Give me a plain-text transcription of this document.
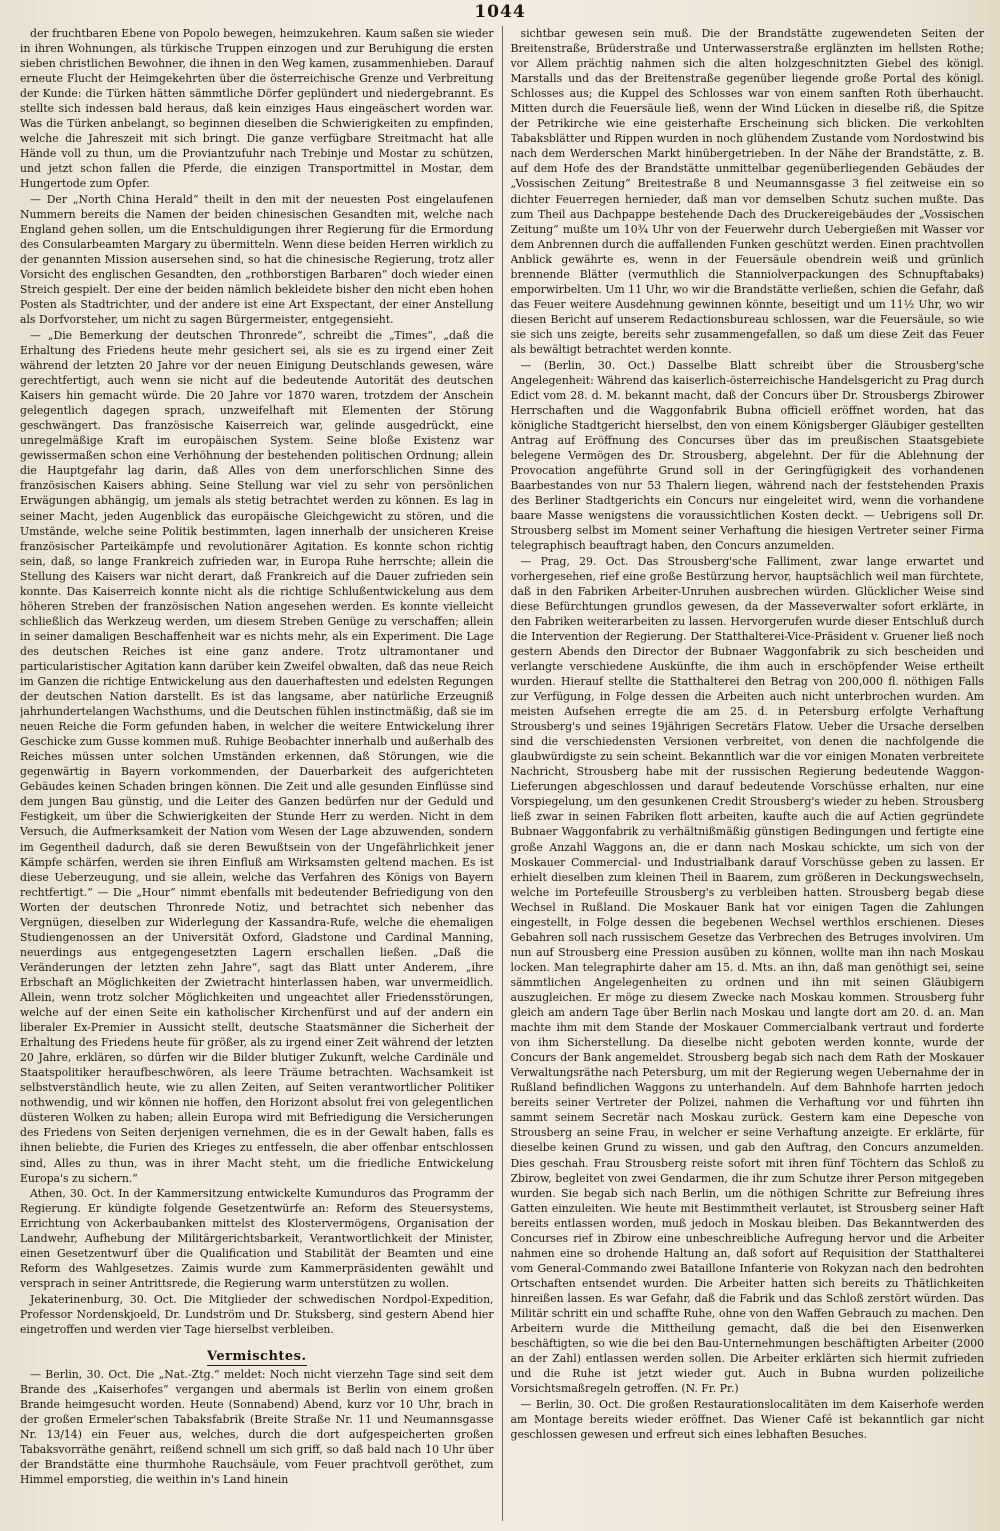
1044

der fruchtbaren Ebene von Popolo bewegen, heimzukehren. Kaum saßen sie wieder in ihren Wohnungen, als türkische Truppen einzogen und zur Beruhigung die ersten sieben christlichen Bewohner, die ihnen in den Weg kamen, zusammenhieben. Darauf erneute Flucht der Heimgekehrten über die österreichische Grenze und Verbreitung der Kunde: die Türken hätten sämmtliche Dörfer geplündert und niedergebrannt. Es stellte sich indessen bald heraus, daß kein einziges Haus eingeäschert worden war. Was die Türken anbelangt, so beginnen dieselben die Schwierigkeiten zu empfinden, welche die Jahreszeit mit sich bringt. Die ganze verfügbare Streitmacht hat alle Hände voll zu thun, um die Proviantzufuhr nach Trebinje und Mostar zu schützen, und jetzt schon fallen die Pferde, die einzigen Transportmittel in Mostar, dem Hungertode zum Opfer.

— Der „North China Herald“ theilt in den mit der neuesten Post eingelaufenen Nummern bereits die Namen der beiden chinesischen Gesandten mit, welche nach England gehen sollen, um die Entschuldigungen ihrer Regierung für die Ermordung des Consularbeamten Margary zu übermitteln. Wenn diese beiden Herren wirklich zu der genannten Mission ausersehen sind, so hat die chinesische Regierung, trotz aller Vorsicht des englischen Gesandten, den „rothborstigen Barbaren“ doch wieder einen Streich gespielt. Der eine der beiden nämlich bekleidete bisher den nicht eben hohen Posten als Stadtrichter, und der andere ist eine Art Exspectant, der einer Anstellung als Dorfvorsteher, um nicht zu sagen Bürgermeister, entgegensieht.

— „Die Bemerkung der deutschen Thronrede“, schreibt die „Times“, „daß die Erhaltung des Friedens heute mehr gesichert sei, als sie es zu irgend einer Zeit während der letzten 20 Jahre vor der neuen Einigung Deutschlands gewesen, wäre gerechtfertigt, auch wenn sie nicht auf die bedeutende Autorität des deutschen Kaisers hin gemacht würde. Die 20 Jahre vor 1870 waren, trotzdem der Anschein gelegentlich dagegen sprach, unzweifelhaft mit Elementen der Störung geschwängert. Das französische Kaiserreich war, gelinde ausgedrückt, eine unregelmäßige Kraft im europäischen System. Seine bloße Existenz war gewissermaßen schon eine Verhöhnung der bestehenden politischen Ordnung; allein die Hauptgefahr lag darin, daß Alles von dem unerforschlichen Sinne des französischen Kaisers abhing. Seine Stellung war viel zu sehr von persönlichen Erwägungen abhängig, um jemals als stetig betrachtet werden zu können. Es lag in seiner Macht, jeden Augenblick das europäische Gleichgewicht zu stören, und die Umstände, welche seine Politik bestimmten, lagen innerhalb der unsicheren Kreise französischer Parteikämpfe und revolutionärer Agitation. Es konnte schon richtig sein, daß, so lange Frankreich zufrieden war, in Europa Ruhe herrschte; allein die Stellung des Kaisers war nicht derart, daß Frankreich auf die Dauer zufrieden sein konnte. Das Kaiserreich konnte nicht als die richtige Schlußentwickelung aus dem höheren Streben der französischen Nation angesehen werden. Es konnte vielleicht schließlich das Werkzeug werden, um diesem Streben Genüge zu verschaffen; allein in seiner damaligen Beschaffenheit war es nichts mehr, als ein Experiment. Die Lage des deutschen Reiches ist eine ganz andere. Trotz ultramontaner und particularistischer Agitation kann darüber kein Zweifel obwalten, daß das neue Reich im Ganzen die richtige Entwickelung aus den dauerhaftesten und edelsten Regungen der deutschen Nation darstellt. Es ist das langsame, aber natürliche Erzeugniß jahrhundertelangen Wachsthums, und die Deutschen fühlen instinctmäßig, daß sie im neuen Reiche die Form gefunden haben, in welcher die weitere Entwickelung ihrer Geschicke zum Gusse kommen muß. Ruhige Beobachter innerhalb und außerhalb des Reiches müssen unter solchen Umständen erkennen, daß Störungen, wie die gegenwärtig in Bayern vorkommenden, der Dauerbarkeit des aufgerichteten Gebäudes keinen Schaden bringen können. Die Zeit und alle gesunden Einflüsse sind dem jungen Bau günstig, und die Leiter des Ganzen bedürfen nur der Geduld und Festigkeit, um über die Schwierigkeiten der Stunde Herr zu werden. Nicht in dem Versuch, die Aufmerksamkeit der Nation vom Wesen der Lage abzuwenden, sondern im Gegentheil dadurch, daß sie deren Bewußtsein von der Ungefährlichkeit jener Kämpfe schärfen, werden sie ihren Einfluß am Wirksamsten geltend machen. Es ist diese Ueberzeugung, und sie allein, welche das Verfahren des Königs von Bayern rechtfertigt.“ — Die „Hour“ nimmt ebenfalls mit bedeutender Befriedigung von den Worten der deutschen Thronrede Notiz, und betrachtet sich nebenher das Vergnügen, dieselben zur Widerlegung der Kassandra-Rufe, welche die ehemaligen Studiengenossen an der Universität Oxford, Gladstone und Cardinal Manning, neuerdings aus entgegengesetzten Lagern erschallen ließen. „Daß die Veränderungen der letzten zehn Jahre“, sagt das Blatt unter Anderem, „ihre Erbschaft an Möglichkeiten der Zwietracht hinterlassen haben, war unvermeidlich. Allein, wenn trotz solcher Möglichkeiten und ungeachtet aller Friedensstörungen, welche auf der einen Seite ein katholischer Kirchenfürst und auf der andern ein liberaler Ex-Premier in Aussicht stellt, deutsche Staatsmänner die Sicherheit der Erhaltung des Friedens heute für größer, als zu irgend einer Zeit während der letzten 20 Jahre, erklären, so dürfen wir die Bilder blutiger Zukunft, welche Cardinäle und Staatspolitiker heraufbeschwören, als leere Träume betrachten. Wachsamkeit ist selbstverständlich heute, wie zu allen Zeiten, auf Seiten verantwortlicher Politiker nothwendig, und wir können nie hoffen, den Horizont absolut frei von gelegentlichen düsteren Wolken zu haben; allein Europa wird mit Befriedigung die Versicherungen des Friedens von Seiten derjenigen vernehmen, die es in der Gewalt haben, falls es ihnen beliebte, die Furien des Krieges zu entfesseln, die aber offenbar entschlossen sind, Alles zu thun, was in ihrer Macht steht, um die friedliche Entwickelung Europa's zu sichern.“

Athen, 30. Oct. In der Kammersitzung entwickelte Kumunduros das Programm der Regierung. Er kündigte folgende Gesetzentwürfe an: Reform des Steuersystems, Errichtung von Ackerbaubanken mittelst des Klostervermögens, Organisation der Landwehr, Aufhebung der Militärgerichtsbarkeit, Verantwortlichkeit der Minister, einen Gesetzentwurf über die Qualification und Stabilität der Beamten und eine Reform des Wahlgesetzes. Zaimis wurde zum Kammerpräsidenten gewählt und versprach in seiner Antrittsrede, die Regierung warm unterstützen zu wollen.

Jekaterinenburg, 30. Oct. Die Mitglieder der schwedischen Nordpol-Expedition, Professor Nordenskjoeld, Dr. Lundström und Dr. Stuksberg, sind gestern Abend hier eingetroffen und werden vier Tage hierselbst verbleiben.

Vermischtes.

— Berlin, 30. Oct. Die „Nat.-Ztg.“ meldet: Noch nicht vierzehn Tage sind seit dem Brande des „Kaiserhofes“ vergangen und abermals ist Berlin von einem großen Brande heimgesucht worden. Heute (Sonnabend) Abend, kurz vor 10 Uhr, brach in der großen Ermeler'schen Tabaksfabrik (Breite Straße Nr. 11 und Neumannsgasse Nr. 13/14) ein Feuer aus, welches, durch die dort aufgespeicherten großen Tabaksvorräthe genährt, reißend schnell um sich griff, so daß bald nach 10 Uhr über der Brandstätte eine thurmhohe Rauchsäule, vom Feuer prachtvoll geröthet, zum Himmel emporstieg, die weithin in's Land hinein

sichtbar gewesen sein muß. Die der Brandstätte zugewendeten Seiten der Breitenstraße, Brüderstraße und Unterwasserstraße erglänzten im hellsten Rothe; vor Allem prächtig nahmen sich die alten holzgeschnitzten Giebel des königl. Marstalls und das der Breitenstraße gegenüber liegende große Portal des königl. Schlosses aus; die Kuppel des Schlosses war von einem sanften Roth überhaucht. Mitten durch die Feuersäule ließ, wenn der Wind Lücken in dieselbe riß, die Spitze der Petrikirche wie eine geisterhafte Erscheinung sich blicken. Die verkohlten Tabaksblätter und Rippen wurden in noch glühendem Zustande vom Nordostwind bis nach dem Werderschen Markt hinübergetrieben. In der Nähe der Brandstätte, z. B. auf dem Hofe des der Brandstätte unmittelbar gegenüberliegenden Gebäudes der „Vossischen Zeitung“ Breitestraße 8 und Neumannsgasse 3 fiel zeitweise ein so dichter Feuerregen hernieder, daß man vor demselben Schutz suchen mußte. Das zum Theil aus Dachpappe bestehende Dach des Druckereigebäudes der „Vossischen Zeitung“ mußte um 10¾ Uhr von der Feuerwehr durch Uebergießen mit Wasser vor dem Anbrennen durch die auffallenden Funken geschützt werden. Einen prachtvollen Anblick gewährte es, wenn in der Feuersäule obendrein weiß und grünlich brennende Blätter (vermuthlich die Stanniolverpackungen des Schnupftabaks) emporwirbelten. Um 11 Uhr, wo wir die Brandstätte verließen, schien die Gefahr, daß das Feuer weitere Ausdehnung gewinnen könnte, beseitigt und um 11½ Uhr, wo wir diesen Bericht auf unserem Redactionsbureau schlossen, war die Feuersäule, so wie sie sich uns zeigte, bereits sehr zusammengefallen, so daß um diese Zeit das Feuer als bewältigt betrachtet werden konnte.

— (Berlin, 30. Oct.) Dasselbe Blatt schreibt über die Strousberg'sche Angelegenheit: Während das kaiserlich-österreichische Handelsgericht zu Prag durch Edict vom 28. d. M. bekannt macht, daß der Concurs über Dr. Strousbergs Zbirower Herrschaften und die Waggonfabrik Bubna officiell eröffnet worden, hat das königliche Stadtgericht hierselbst, den von einem Königsberger Gläubiger gestellten Antrag auf Eröffnung des Concurses über das im preußischen Staatsgebiete belegene Vermögen des Dr. Strousberg, abgelehnt. Der für die Ablehnung der Provocation angeführte Grund soll in der Geringfügigkeit des vorhandenen Baarbestandes von nur 53 Thalern liegen, während nach der feststehenden Praxis des Berliner Stadtgerichts ein Concurs nur eingeleitet wird, wenn die vorhandene baare Masse wenigstens die voraussichtlichen Kosten deckt. — Uebrigens soll Dr. Strousberg selbst im Moment seiner Verhaftung die hiesigen Vertreter seiner Firma telegraphisch beauftragt haben, den Concurs anzumelden.

— Prag, 29. Oct. Das Strousberg'sche Falliment, zwar lange erwartet und vorhergesehen, rief eine große Bestürzung hervor, hauptsächlich weil man fürchtete, daß in den Fabriken Arbeiter-Unruhen ausbrechen würden. Glücklicher Weise sind diese Befürchtungen grundlos gewesen, da der Masseverwalter sofort erklärte, in den Fabriken weiterarbeiten zu lassen. Hervorgerufen wurde dieser Entschluß durch die Intervention der Regierung. Der Statthalterei-Vice-Präsident v. Gruener ließ noch gestern Abends den Director der Bubnaer Waggonfabrik zu sich bescheiden und verlangte verschiedene Auskünfte, die ihm auch in erschöpfender Weise ertheilt wurden. Hierauf stellte die Statthalterei den Betrag von 200,000 fl. nöthigen Falls zur Verfügung, in Folge dessen die Arbeiten auch nicht unterbrochen wurden. Am meisten Aufsehen erregte die am 25. d. in Petersburg erfolgte Verhaftung Strousberg's und seines 19jährigen Secretärs Flatow. Ueber die Ursache derselben sind die verschiedensten Versionen verbreitet, von denen die nachfolgende die glaubwürdigste zu sein scheint. Bekanntlich war die vor einigen Monaten verbreitete Nachricht, Strousberg habe mit der russischen Regierung bedeutende Waggon-Lieferungen abgeschlossen und darauf bedeutende Vorschüsse erhalten, nur eine Vorspiegelung, um den gesunkenen Credit Strousberg's wieder zu heben. Strousberg ließ zwar in seinen Fabriken flott arbeiten, kaufte auch die auf Actien gegründete Bubnaer Waggonfabrik zu verhältnißmäßig günstigen Bedingungen und fertigte eine große Anzahl Waggons an, die er dann nach Moskau schickte, um sich von der Moskauer Commercial- und Industrialbank darauf Vorschüsse geben zu lassen. Er erhielt dieselben zum kleinen Theil in Baarem, zum größeren in Deckungswechseln, welche im Portefeuille Strousberg's zu verbleiben hatten. Strousberg begab diese Wechsel in Rußland. Die Moskauer Bank hat vor einigen Tagen die Zahlungen eingestellt, in Folge dessen die begebenen Wechsel werthlos erschienen. Dieses Gebahren soll nach russischem Gesetze das Verbrechen des Betruges involviren. Um nun auf Strousberg eine Pression ausüben zu können, wollte man ihn nach Moskau locken. Man telegraphirte daher am 15. d. Mts. an ihn, daß man genöthigt sei, seine sämmtlichen Angelegenheiten zu ordnen und ihn mit seinen Gläubigern auszugleichen. Er möge zu diesem Zwecke nach Moskau kommen. Strousberg fuhr gleich am andern Tage über Berlin nach Moskau und langte dort am 20. d. an. Man machte ihm mit dem Stande der Moskauer Commercialbank vertraut und forderte von ihm Sicherstellung. Da dieselbe nicht geboten werden konnte, wurde der Concurs der Bank angemeldet. Strousberg begab sich nach dem Rath der Moskauer Verwaltungsräthe nach Petersburg, um mit der Regierung wegen Uebernahme der in Rußland befindlichen Waggons zu unterhandeln. Auf dem Bahnhofe harrten jedoch bereits seiner Vertreter der Polizei, nahmen die Verhaftung vor und führten ihn sammt seinem Secretär nach Moskau zurück. Gestern kam eine Depesche von Strousberg an seine Frau, in welcher er seine Verhaftung anzeigte. Er erklärte, für dieselbe keinen Grund zu wissen, und gab den Auftrag, den Concurs anzumelden. Dies geschah. Frau Strousberg reiste sofort mit ihren fünf Töchtern das Schloß zu Zbirow, begleitet von zwei Gendarmen, die ihr zum Schutze ihrer Person mitgegeben wurden. Sie begab sich nach Berlin, um die nöthigen Schritte zur Befreiung ihres Gatten einzuleiten. Wie heute mit Bestimmtheit verlautet, ist Strousberg seiner Haft bereits entlassen worden, muß jedoch in Moskau bleiben. Das Bekanntwerden des Concurses rief in Zbirow eine unbeschreibliche Aufregung hervor und die Arbeiter nahmen eine so drohende Haltung an, daß sofort auf Requisition der Statthalterei vom General-Commando zwei Bataillone Infanterie von Rokyzan nach den bedrohten Ortschaften entsendet wurden. Die Arbeiter hatten sich bereits zu Thätlichkeiten hinreißen lassen. Es war Gefahr, daß die Fabrik und das Schloß zerstört würden. Das Militär schritt ein und schaffte Ruhe, ohne von den Waffen Gebrauch zu machen. Den Arbeitern wurde die Mittheilung gemacht, daß die bei den Eisenwerken beschäftigten, so wie die bei den Bau-Unternehmungen beschäftigten Arbeiter (2000 an der Zahl) entlassen werden sollen. Die Arbeiter erklärten sich hiermit zufrieden und die Ruhe ist jetzt wieder gut. Auch in Bubna wurden polizeiliche Vorsichtsmaßregeln getroffen. (N. Fr. Pr.)

— Berlin, 30. Oct. Die großen Restaurationslocalitäten im dem Kaiserhofe werden am Montage bereits wieder eröffnet. Das Wiener Café ist bekanntlich gar nicht geschlossen gewesen und erfreut sich eines lebhaften Besuches.
